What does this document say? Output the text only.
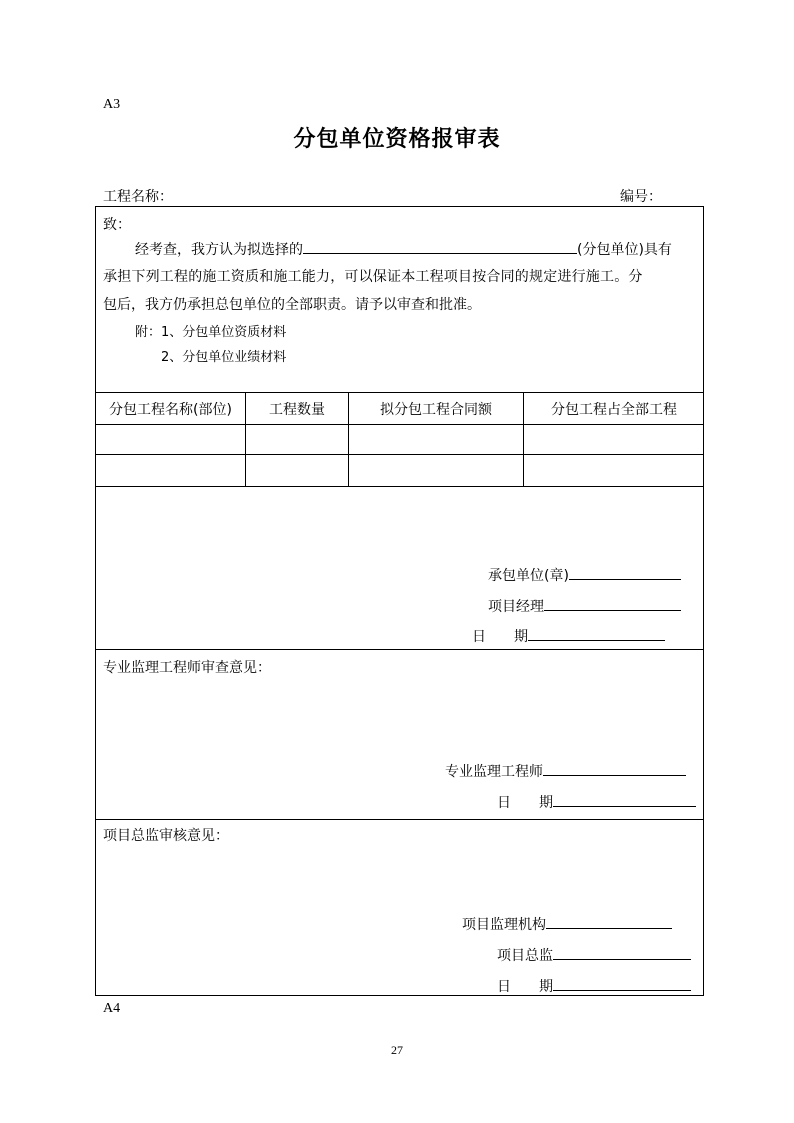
A3
分包单位资格报审表
工程名称：	编号：
致：
经考查，我方认为拟选择的	(分包单位)具有
承担下列工程的施工资质和施工能力，可以保证本工程项目按合同的规定进行施工。分
包后，我方仍承担总包单位的全部职责。请予以审查和批准。
附：1、分包单位资质材料
2、分包单位业绩材料
分包工程名称(部位)	工程数量	拟分包工程合同额	分包工程占全部工程
承包单位(章)
项目经理
日　　期
专业监理工程师审查意见：
专业监理工程师
日　　期
项目总监审核意见：
项目监理机构
项目总监
日　　期
A4
27
